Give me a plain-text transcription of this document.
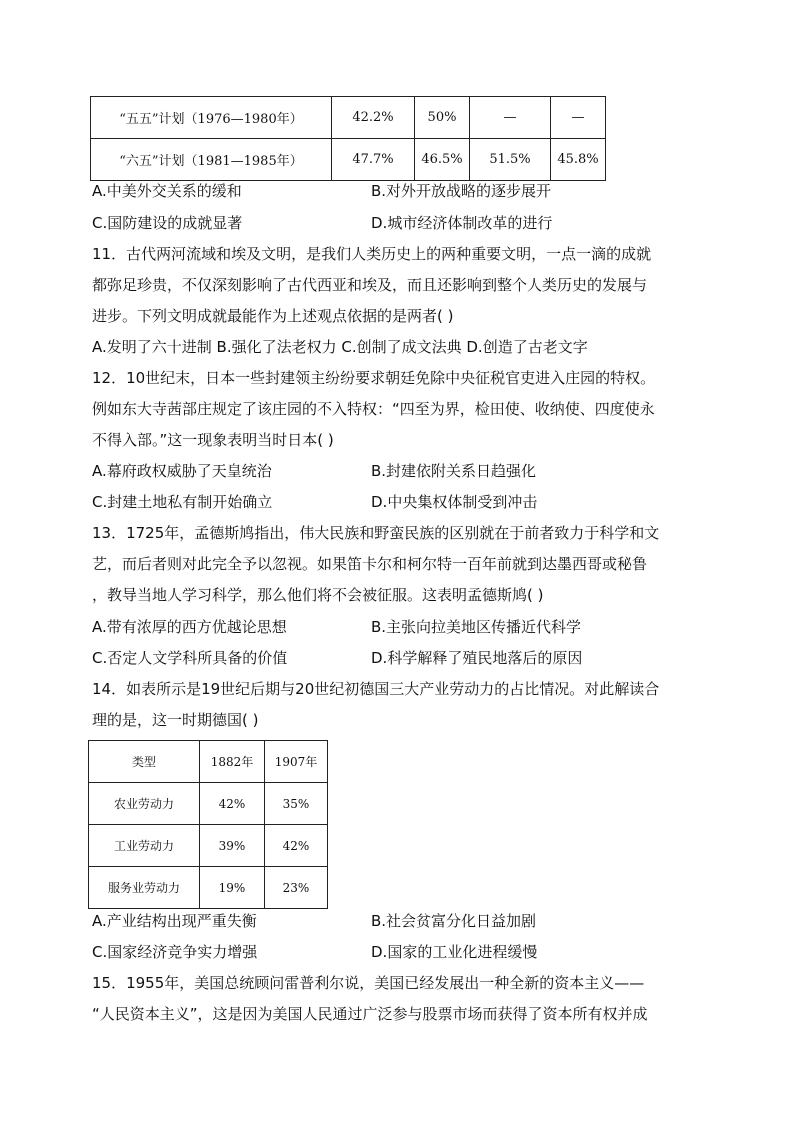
“五五”计划（1976—1980年）	42.2%	50%	—	—
“六五”计划（1981—1985年）	47.7%	46.5%	51.5%	45.8%
A.中美外交关系的缓和	B.对外开放战略的逐步展开
C.国防建设的成就显著	D.城市经济体制改革的进行
11．古代两河流域和埃及文明，是我们人类历史上的两种重要文明，一点一滴的成就
都弥足珍贵，不仅深刻影响了古代西亚和埃及，而且还影响到整个人类历史的发展与
进步。下列文明成就最能作为上述观点依据的是两者( )
A.发明了六十进制 B.强化了法老权力 C.创制了成文法典 D.创造了古老文字
12．10世纪末，日本一些封建领主纷纷要求朝廷免除中央征税官吏进入庄园的特权。
例如东大寺茜部庄规定了该庄园的不入特权：“四至为界，检田使、收纳使、四度使永
不得入部。”这一现象表明当时日本( )
A.幕府政权威胁了天皇统治	B.封建依附关系日趋强化
C.封建土地私有制开始确立	D.中央集权体制受到冲击
13．1725年，孟德斯鸠指出，伟大民族和野蛮民族的区别就在于前者致力于科学和文
艺，而后者则对此完全予以忽视。如果笛卡尔和柯尔特一百年前就到达墨西哥或秘鲁
，教导当地人学习科学，那么他们将不会被征服。这表明孟德斯鸠( )
A.带有浓厚的西方优越论思想	B.主张向拉美地区传播近代科学
C.否定人文学科所具备的价值	D.科学解释了殖民地落后的原因
14．如表所示是19世纪后期与20世纪初德国三大产业劳动力的占比情况。对此解读合
理的是，这一时期德国( )
类型	1882年	1907年
农业劳动力	42%	35%
工业劳动力	39%	42%
服务业劳动力	19%	23%
A.产业结构出现严重失衡	B.社会贫富分化日益加剧
C.国家经济竞争实力增强	D.国家的工业化进程缓慢
15．1955年，美国总统顾问雷普利尔说，美国已经发展出一种全新的资本主义——
“人民资本主义”，这是因为美国人民通过广泛参与股票市场而获得了资本所有权并成
